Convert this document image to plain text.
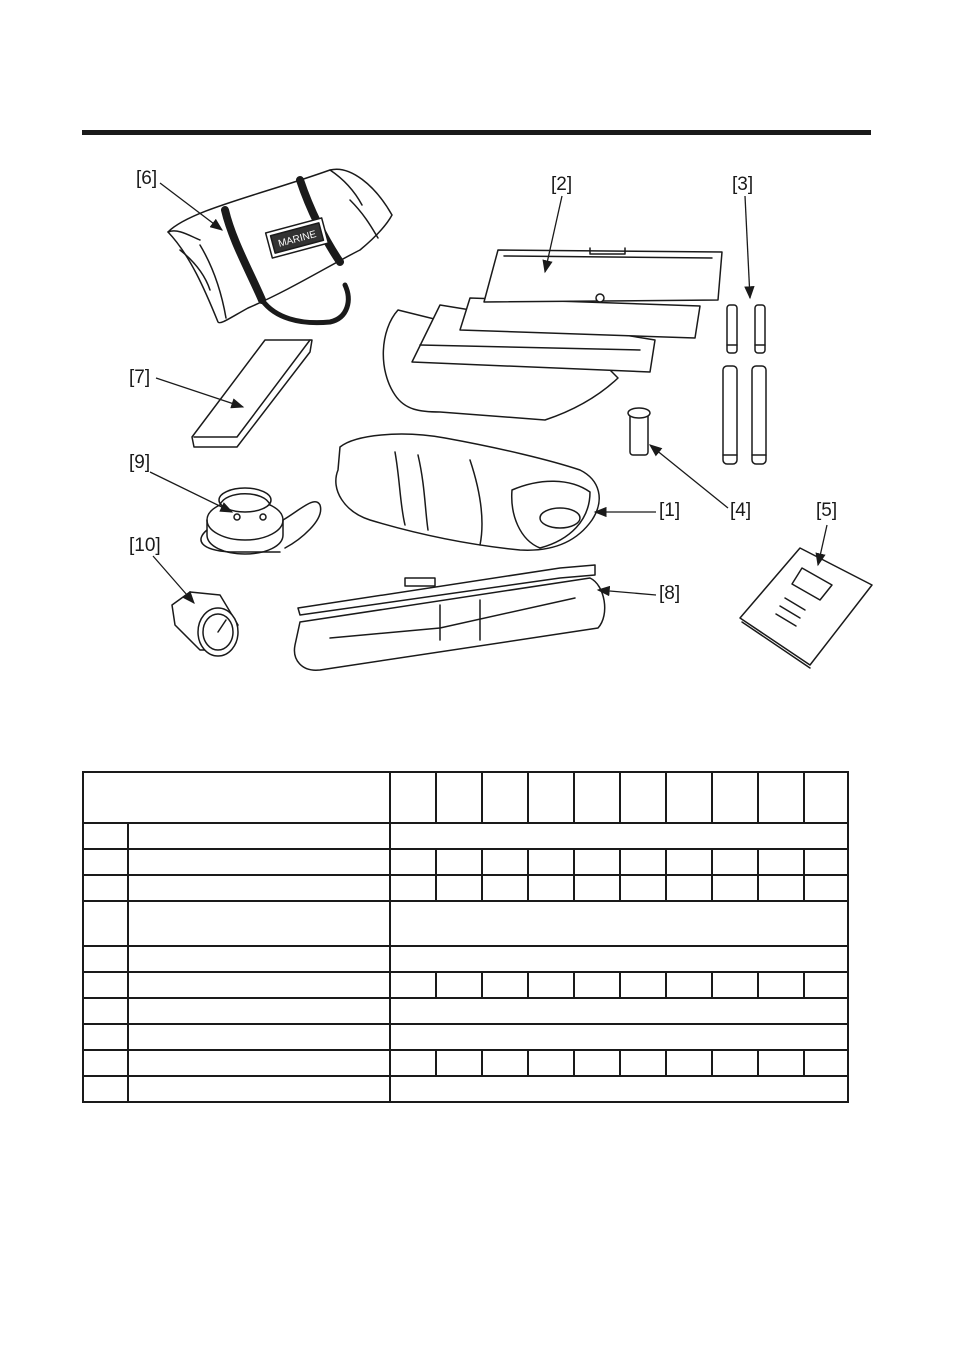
MARINE
[1]
[2]	[3]
[4]	[5]
[6]
[7]
[8]
[9]
[10]
